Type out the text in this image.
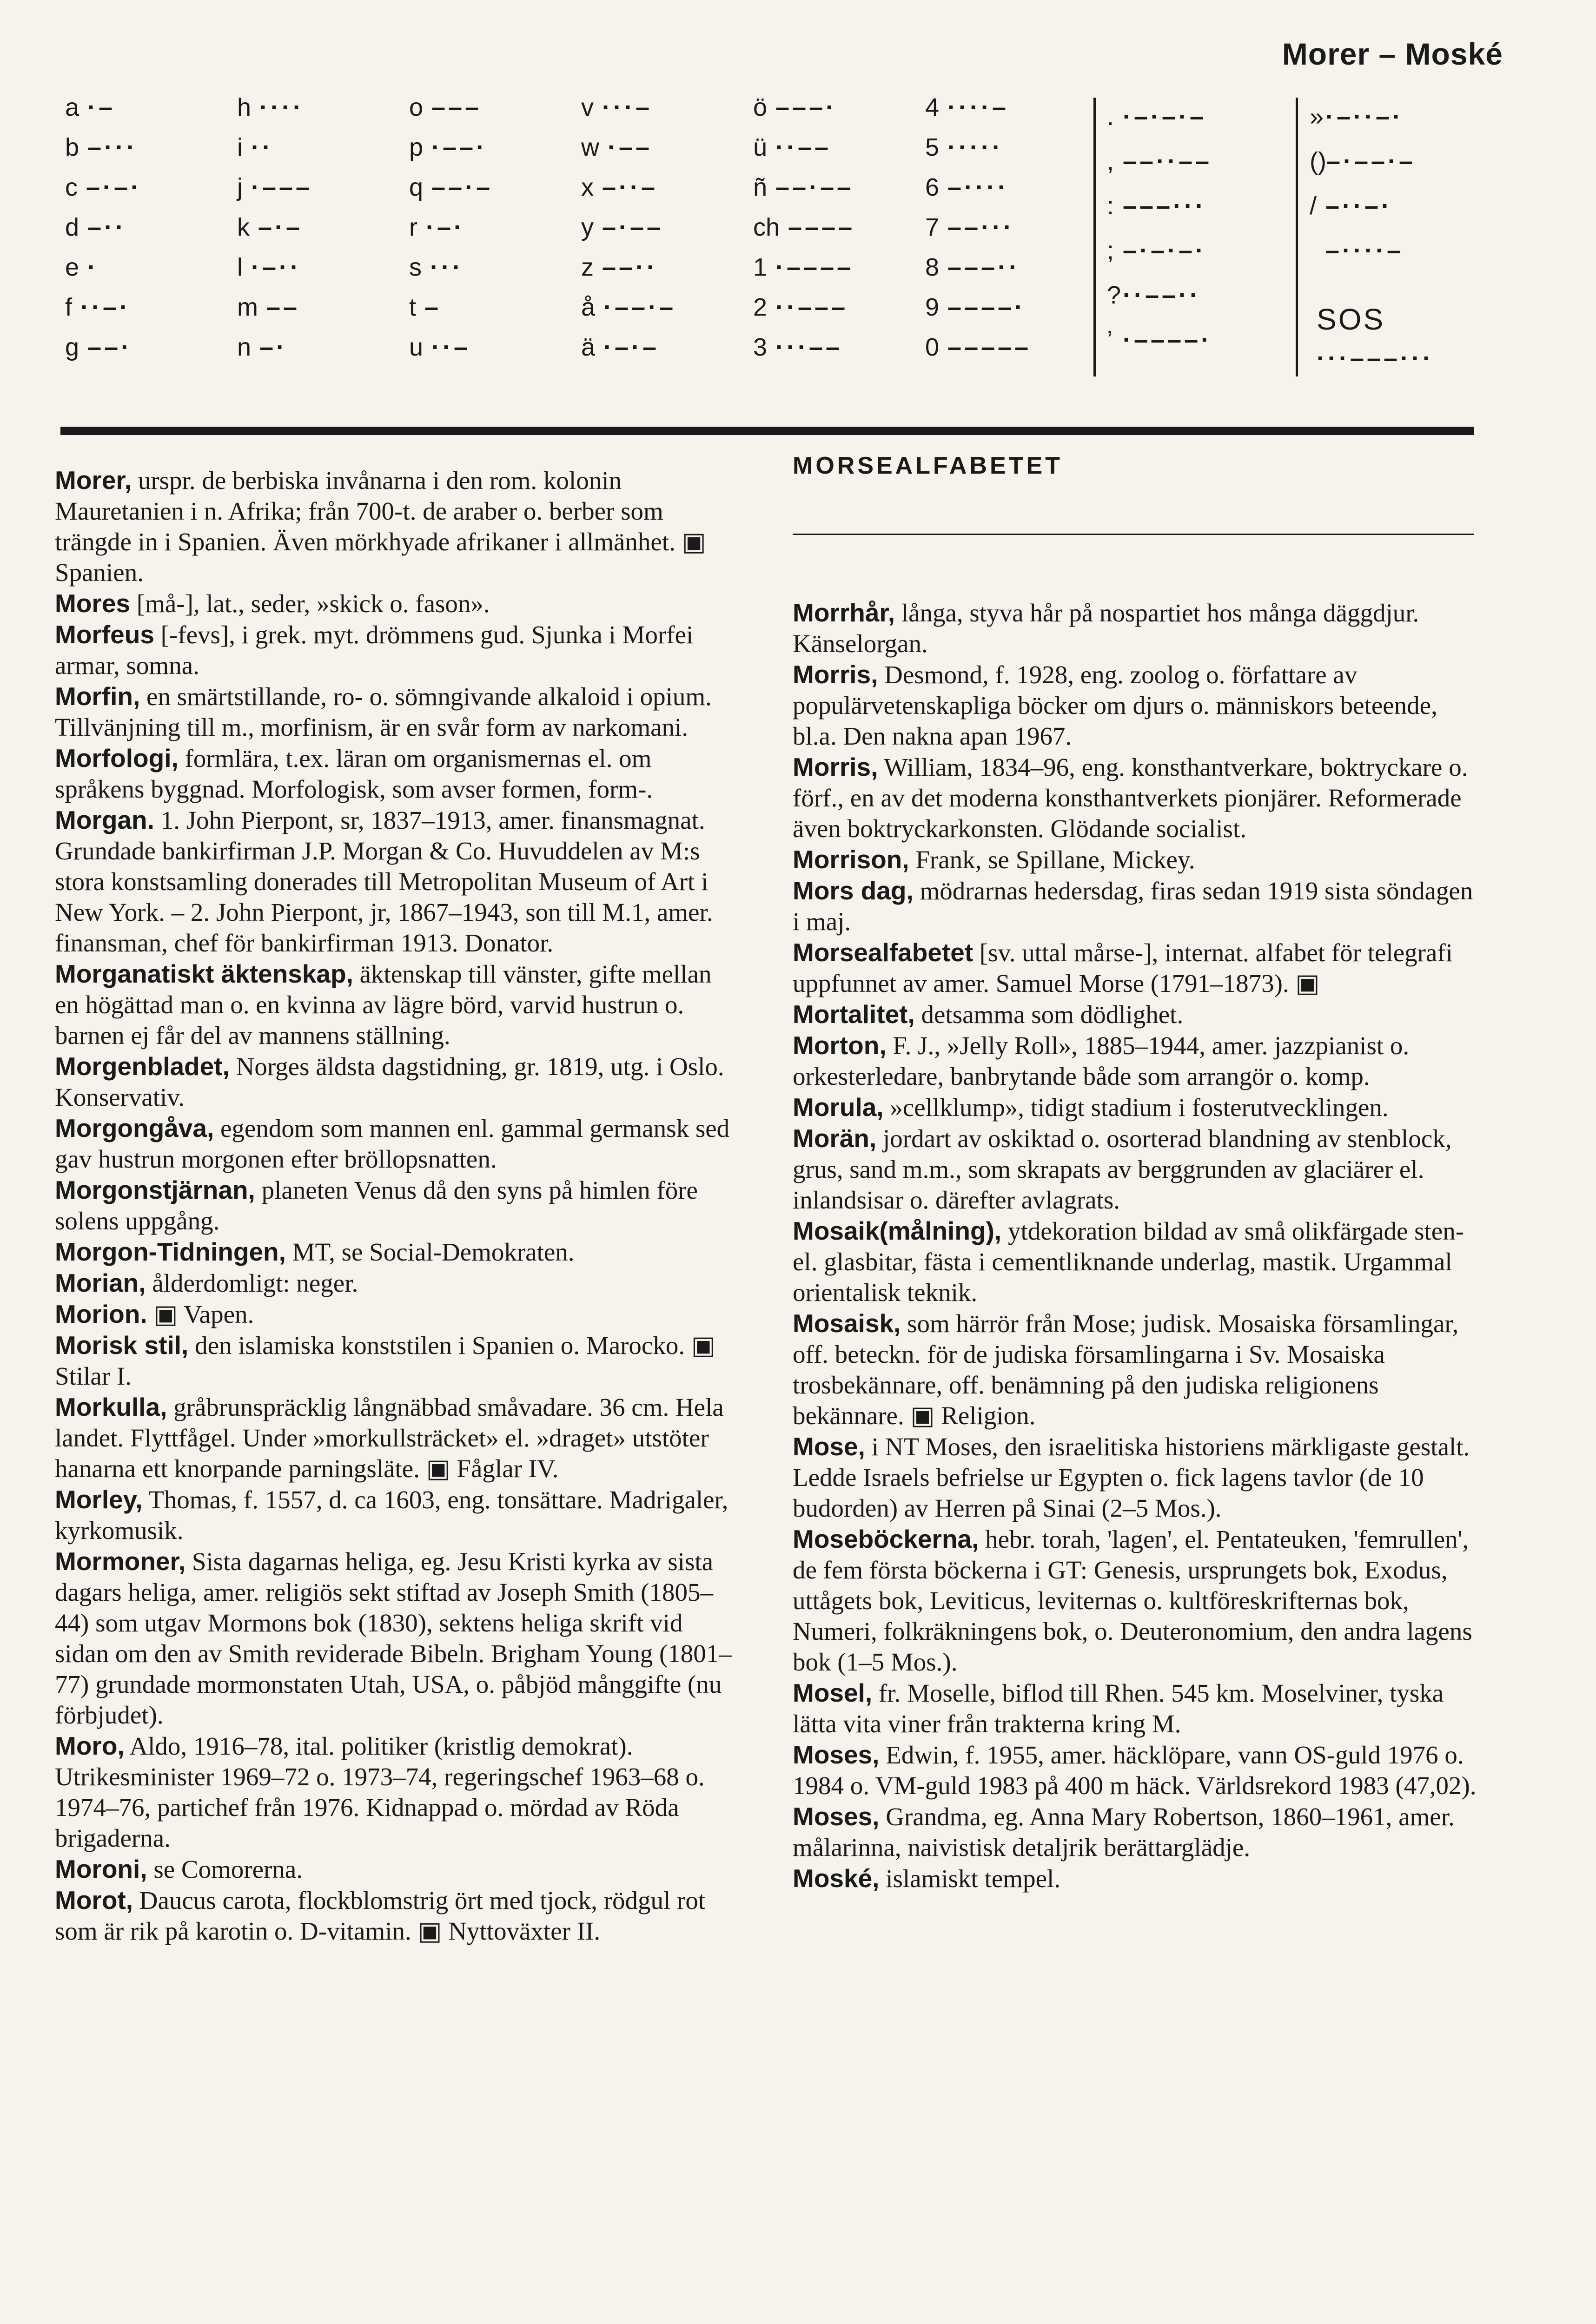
Morer – Moské
a ·–
b –···
c –·–·
d –··
e ·
f ··–·
g ––·
h ····
i ··
j ·–––
k –·–
l ·–··
m ––
n –·
o –––
p ·––·
q ––·–
r ·–·
s ···
t –
u ··–
v ···–
w ·––
x –··–
y –·––
z ––··
å ·––·–
ä ·–·–
ö –––·
ü ··––
ñ ––·––
ch ––––
1 ·––––
2 ··–––
3 ···––
4 ····–
5 ·····
6 –····
7 ––···
8 –––··
9 ––––·
0 –––––
. ·–·–·–
, ––··––
: –––···
; –·–·–·
?··––··
’ ·––––·
»·–··–·
()–·––·–
/ –··–·
–····–
SOS
···–––···
MORSEALFABETET

Morer, urspr. de berbiska invånarna i den rom. kolonin Mauretanien i n. Afrika; från 700-t. de araber o. berber som trängde in i Spanien. Även mörkhyade afrikaner i allmänhet. ▣ Spanien.

Mores [må-], lat., seder, »skick o. fason».

Morfeus [-fevs], i grek. myt. drömmens gud. Sjunka i Morfei armar, somna.

Morfin, en smärtstillande, ro- o. sömngivande alkaloid i opium. Tillvänjning till m., morfinism, är en svår form av narkomani.

Morfologi, formlära, t.ex. läran om organismernas el. om språkens byggnad. Morfologisk, som avser formen, form-.

Morgan. 1. John Pierpont, sr, 1837–1913, amer. finansmagnat. Grundade bankirfirman J.P. Morgan & Co. Huvuddelen av M:s stora konstsamling donerades till Metropolitan Museum of Art i New York. – 2. John Pierpont, jr, 1867–1943, son till M.1, amer. finansman, chef för bankirfirman 1913. Donator.

Morganatiskt äktenskap, äktenskap till vänster, gifte mellan en högättad man o. en kvinna av lägre börd, varvid hustrun o. barnen ej får del av mannens ställning.

Morgenbladet, Norges äldsta dagstidning, gr. 1819, utg. i Oslo. Konservativ.

Morgongåva, egendom som mannen enl. gammal germansk sed gav hustrun morgonen efter bröllopsnatten.

Morgonstjärnan, planeten Venus då den syns på himlen före solens uppgång.

Morgon-Tidningen, MT, se Social-Demokraten.

Morian, ålderdomligt: neger.

Morion. ▣ Vapen.

Morisk stil, den islamiska konststilen i Spanien o. Marocko. ▣ Stilar I.

Morkulla, gråbrunspräcklig långnäbbad småvadare. 36 cm. Hela landet. Flyttfågel. Under »morkullsträcket» el. »draget» utstöter hanarna ett knorpande parningsläte. ▣ Fåglar IV.

Morley, Thomas, f. 1557, d. ca 1603, eng. tonsättare. Madrigaler, kyrkomusik.

Mormoner, Sista dagarnas heliga, eg. Jesu Kristi kyrka av sista dagars heliga, amer. religiös sekt stiftad av Joseph Smith (1805–44) som utgav Mormons bok (1830), sektens heliga skrift vid sidan om den av Smith reviderade Bibeln. Brigham Young (1801–77) grundade mormonstaten Utah, USA, o. påbjöd månggifte (nu förbjudet).

Moro, Aldo, 1916–78, ital. politiker (kristlig demokrat). Utrikesminister 1969–72 o. 1973–74, regeringschef 1963–68 o. 1974–76, partichef från 1976. Kidnappad o. mördad av Röda brigaderna.

Moroni, se Comorerna.

Morot, Daucus carota, flockblomstrig ört med tjock, rödgul rot som är rik på karotin o. D-vitamin. ▣ Nyttoväxter II.

Morrhår, långa, styva hår på nospartiet hos många däggdjur. Känselorgan.

Morris, Desmond, f. 1928, eng. zoolog o. författare av populärvetenskapliga böcker om djurs o. människors beteende, bl.a. Den nakna apan 1967.

Morris, William, 1834–96, eng. konsthantverkare, boktryckare o. förf., en av det moderna konsthantverkets pionjärer. Reformerade även boktryckarkonsten. Glödande socialist.

Morrison, Frank, se Spillane, Mickey.

Mors dag, mödrarnas hedersdag, firas sedan 1919 sista söndagen i maj.

Morsealfabetet [sv. uttal mårse-], internat. alfabet för telegrafi uppfunnet av amer. Samuel Morse (1791–1873). ▣

Mortalitet, detsamma som dödlighet.

Morton, F. J., »Jelly Roll», 1885–1944, amer. jazzpianist o. orkesterledare, banbrytande både som arrangör o. komp.

Morula, »cellklump», tidigt stadium i fosterutvecklingen.

Morän, jordart av oskiktad o. osorterad blandning av stenblock, grus, sand m.m., som skrapats av berggrunden av glaciärer el. inlandsisar o. därefter avlagrats.

Mosaik(målning), ytdekoration bildad av små olikfärgade sten- el. glasbitar, fästa i cementliknande underlag, mastik. Urgammal orientalisk teknik.

Mosaisk, som härrör från Mose; judisk. Mosaiska församlingar, off. beteckn. för de judiska församlingarna i Sv. Mosaiska trosbekännare, off. benämning på den judiska religionens bekännare. ▣ Religion.

Mose, i NT Moses, den israelitiska historiens märkligaste gestalt. Ledde Israels befrielse ur Egypten o. fick lagens tavlor (de 10 budorden) av Herren på Sinai (2–5 Mos.).

Moseböckerna, hebr. torah, 'lagen', el. Pentateuken, 'femrullen', de fem första böckerna i GT: Genesis, ursprungets bok, Exodus, uttågets bok, Leviticus, leviternas o. kultföreskrifternas bok, Numeri, folkräkningens bok, o. Deuteronomium, den andra lagens bok (1–5 Mos.).

Mosel, fr. Moselle, biflod till Rhen. 545 km. Moselviner, tyska lätta vita viner från trakterna kring M.

Moses, Edwin, f. 1955, amer. häcklöpare, vann OS-guld 1976 o. 1984 o. VM-guld 1983 på 400 m häck. Världsrekord 1983 (47,02).

Moses, Grandma, eg. Anna Mary Robertson, 1860–1961, amer. målarinna, naivistisk detaljrik berättarglädje.

Moské, islamiskt tempel.
